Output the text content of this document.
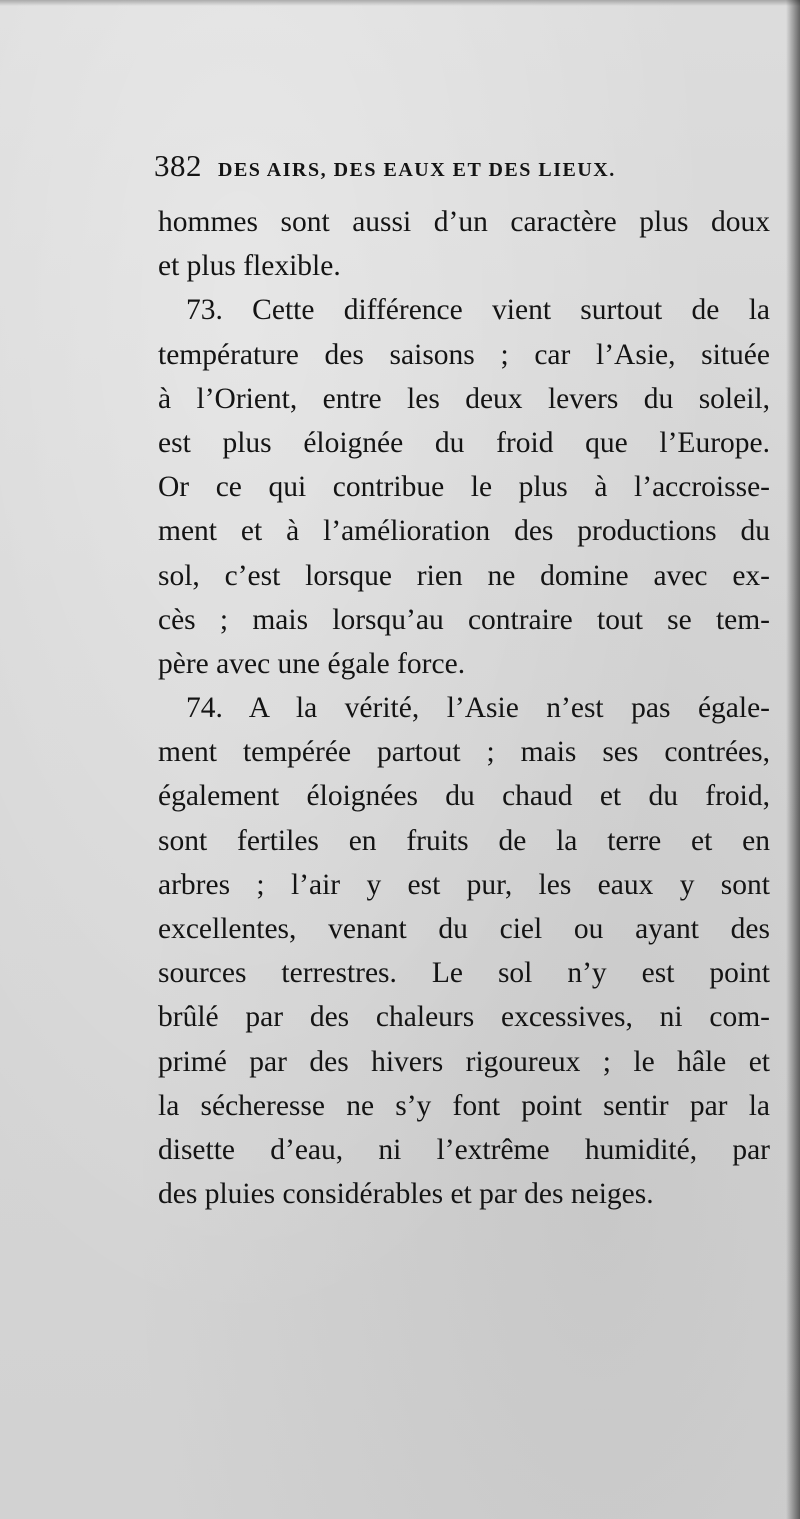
382 DES AIRS, DES EAUX ET DES LIEUX.
hommes sont aussi d’un caractère plus doux
et plus flexible.
73. Cette différence vient surtout de la
température des saisons ; car l’Asie, située
à l’Orient, entre les deux levers du soleil,
est plus éloignée du froid que l’Europe.
Or ce qui contribue le plus à l’accroisse-
ment et à l’amélioration des productions du
sol, c’est lorsque rien ne domine avec ex-
cès ; mais lorsqu’au contraire tout se tem-
père avec une égale force.
74. A la vérité, l’Asie n’est pas égale-
ment tempérée partout ; mais ses contrées,
également éloignées du chaud et du froid,
sont fertiles en fruits de la terre et en
arbres ; l’air y est pur, les eaux y sont
excellentes, venant du ciel ou ayant des
sources terrestres. Le sol n’y est point
brûlé par des chaleurs excessives, ni com-
primé par des hivers rigoureux ; le hâle et
la sécheresse ne s’y font point sentir par la
disette d’eau, ni l’extrême humidité, par
des pluies considérables et par des neiges.
